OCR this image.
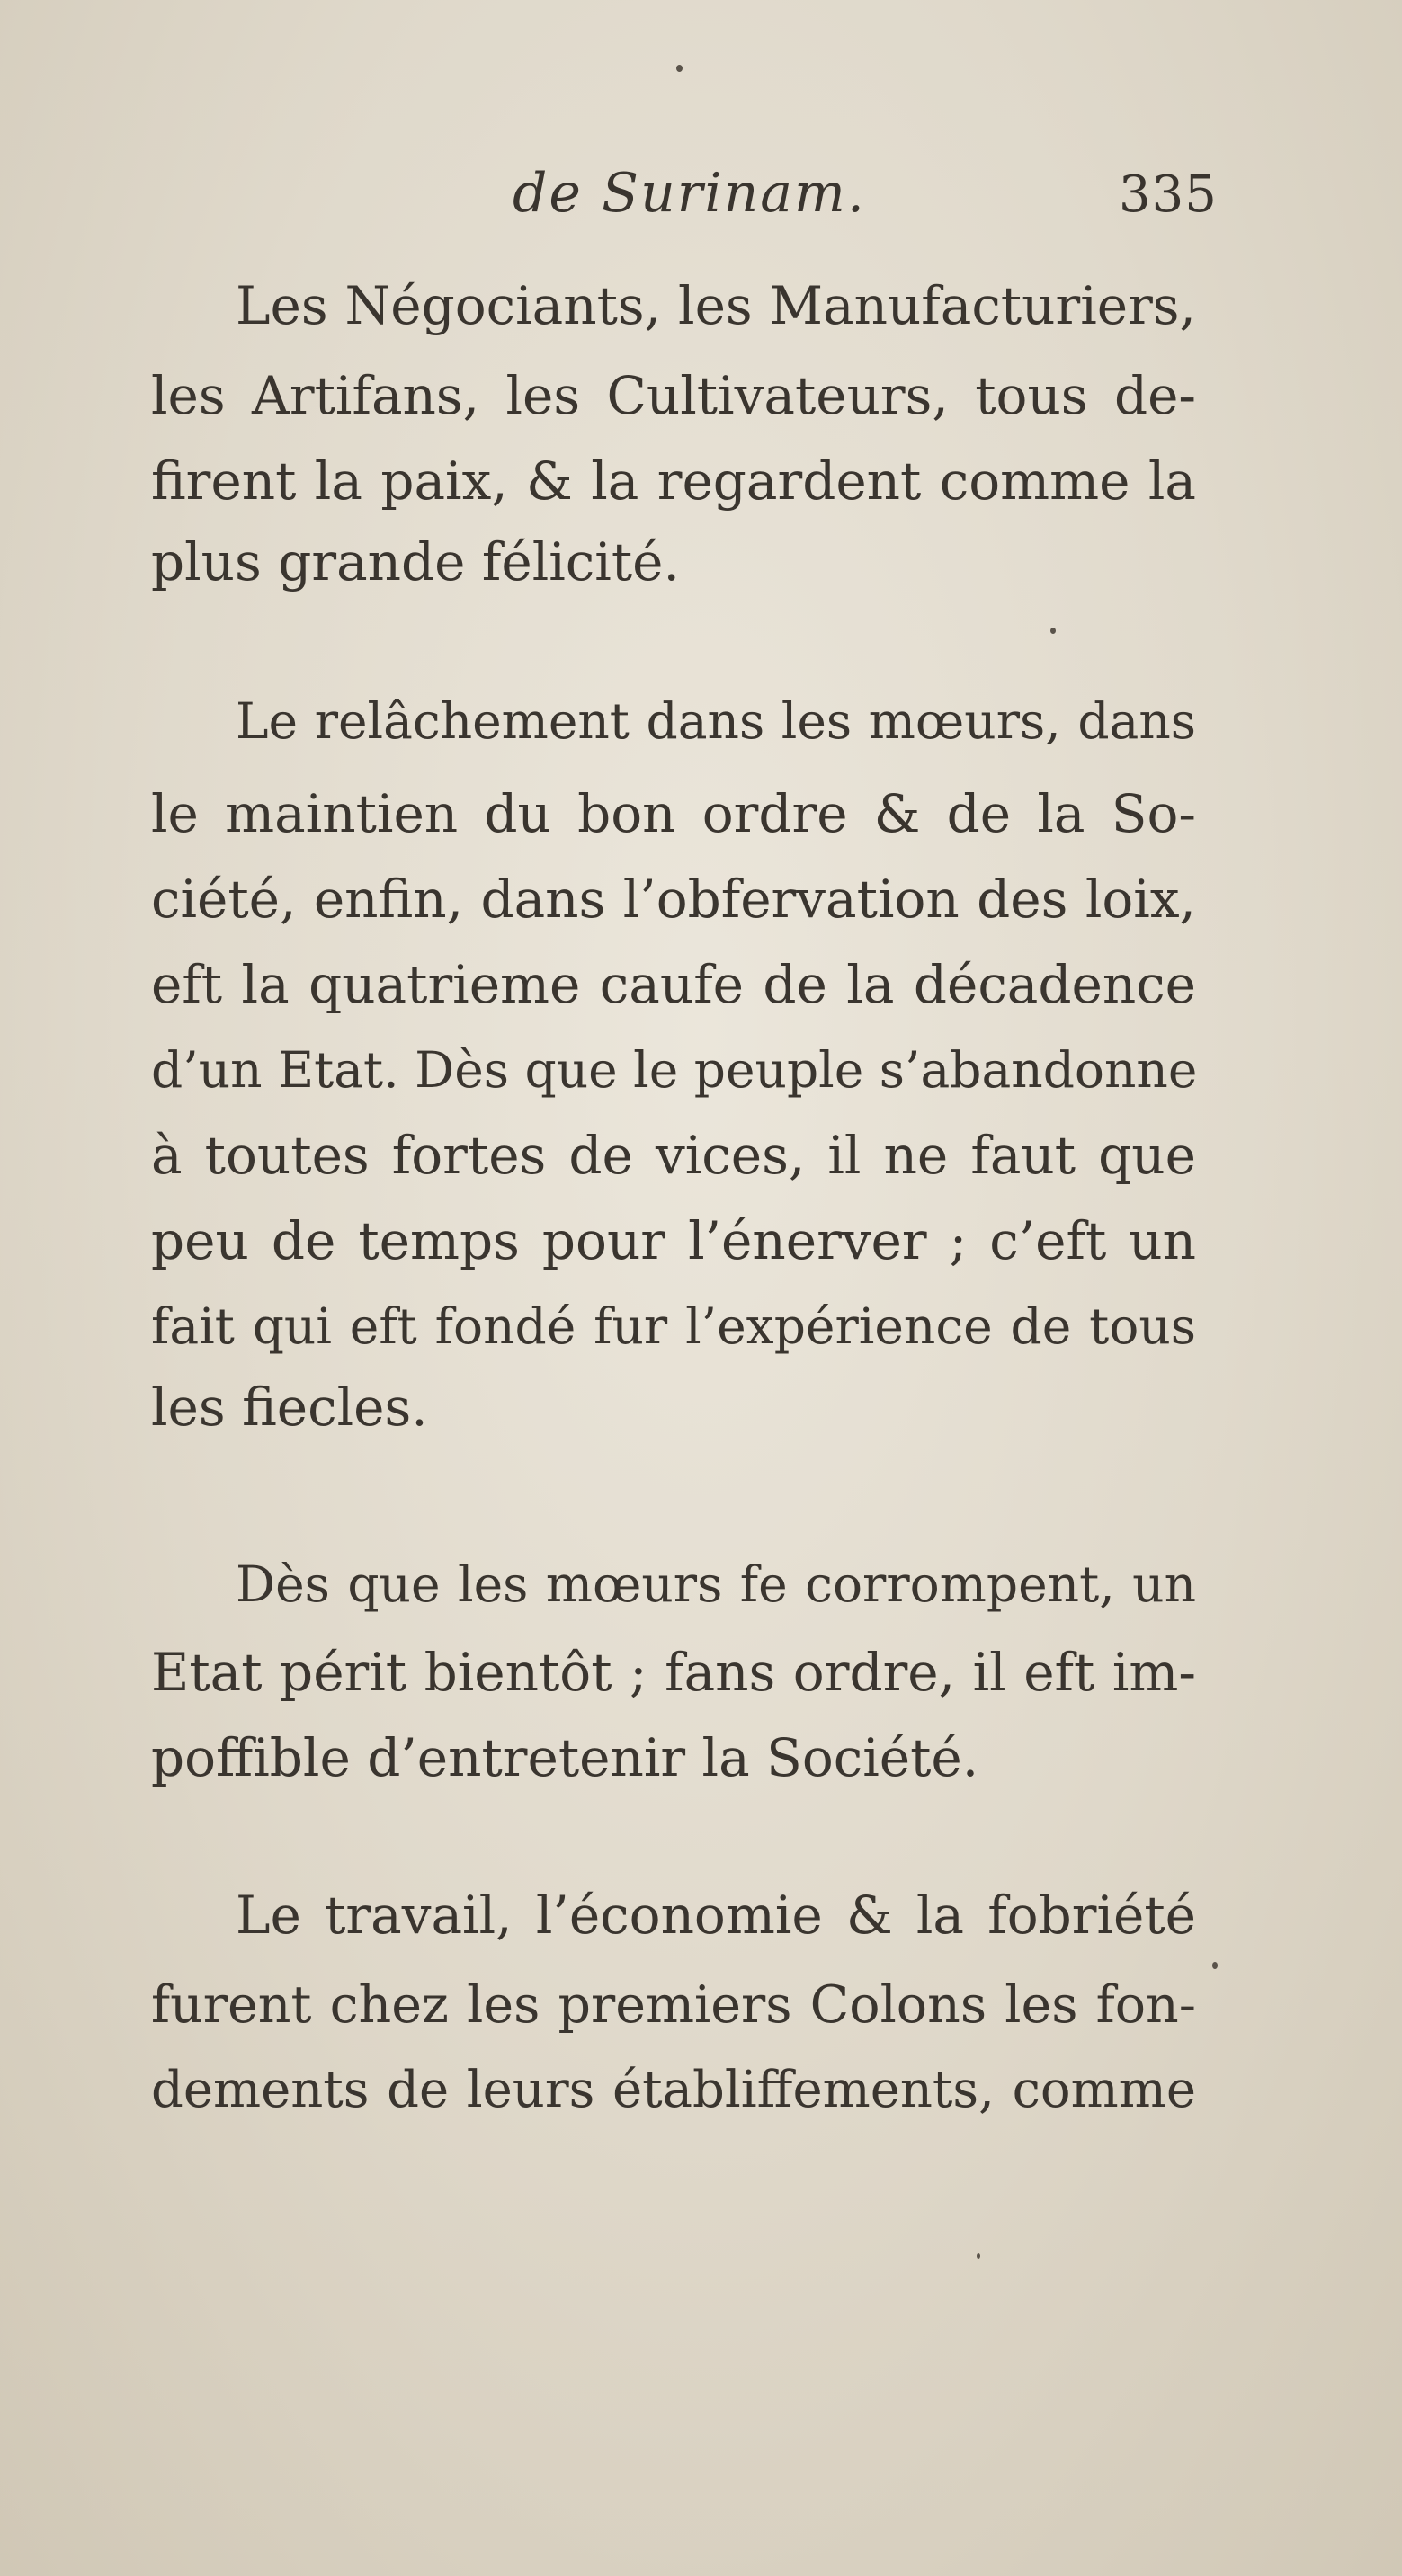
de Surinam.	335
Les Négociants, les Manufacturiers,
les Artifans, les Cultivateurs, tous de-
firent la paix, & la regardent comme la
plus grande félicité.
Le relâchement dans les mœurs, dans
le maintien du bon ordre & de la So-
ciété, enfin, dans l’obfervation des loix,
eft la quatrieme caufe de la décadence
d’un Etat. Dès que le peuple s’abandonne
à toutes fortes de vices, il ne faut que
peu de temps pour l’énerver ; c’eft un
fait qui eft fondé fur l’expérience de tous
les fiecles.
Dès que les mœurs fe corrompent, un
Etat périt bientôt ; fans ordre, il eft im-
poffible d’entretenir la Société.
Le travail, l’économie & la fobriété
furent chez les premiers Colons les fon-
dements de leurs établiffements, comme
